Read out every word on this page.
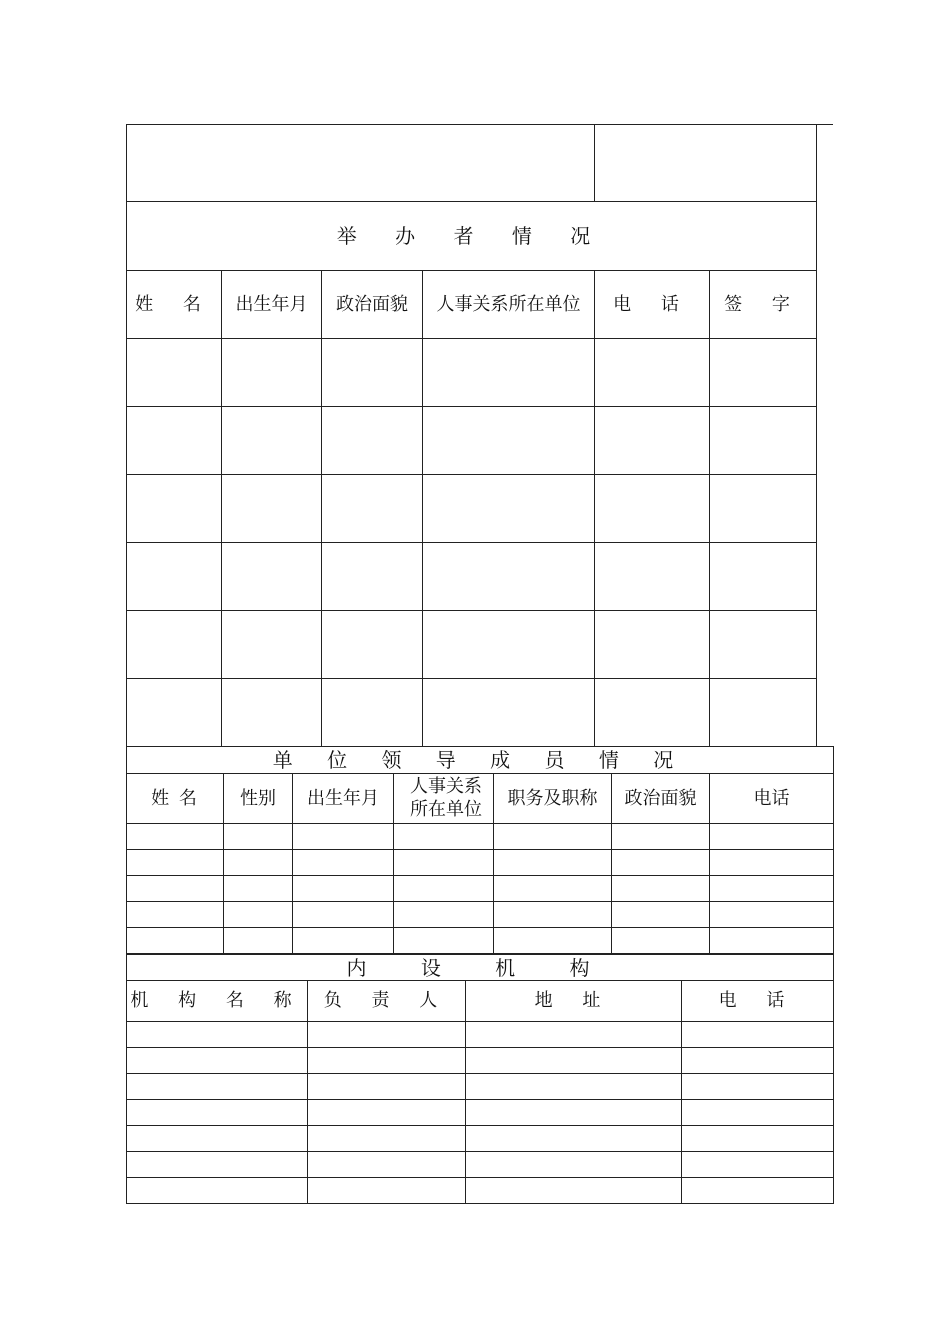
举 办 者 情 况					
姓 名	出生年月	政治面貌	人事关系所在单位	电 话	签 字

单 位 领 导 成 员 情 况						
姓 名	性别	出生年月	人事关系所在单位	职务及职称	政治面貌	电话

内 设 机 构			
机 构 名 称	负 责 人	地 址	电 话
